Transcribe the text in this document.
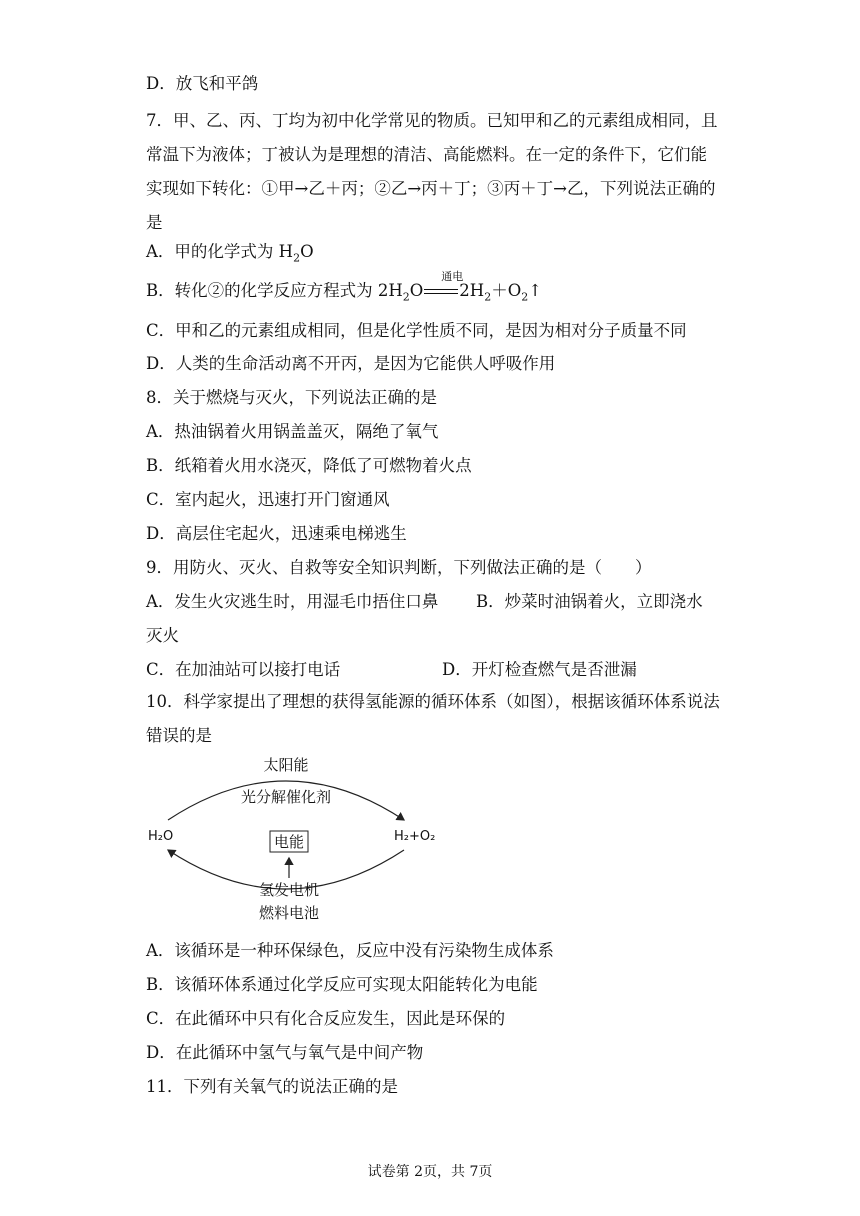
D．放飞和平鸽
7．甲、乙、丙、丁均为初中化学常见的物质。已知甲和乙的元素组成相同，且常温下为液体；丁被认为是理想的清洁、高能燃料。在一定的条件下，它们能实现如下转化：①甲→乙＋丙；②乙→丙＋丁；③丙＋丁→乙，下列说法正确的是
A．甲的化学式为 $H_2O$
B．转化②的化学反应方程式为 $2H_2O$
通电
$2H_2+O_2↑$
C．甲和乙的元素组成相同，但是化学性质不同，是因为相对分子质量不同
D．人类的生命活动离不开丙，是因为它能供人呼吸作用
8．关于燃烧与灭火，下列说法正确的是
A．热油锅着火用锅盖盖灭，隔绝了氧气
B．纸箱着火用水浇灭，降低了可燃物着火点
C．室内起火，迅速打开门窗通风
D．高层住宅起火，迅速乘电梯逃生
9．用防火、灭火、自救等安全知识判断，下列做法正确的是（　　）
A．发生火灾逃生时，用湿毛巾捂住口鼻 B．炒菜时油锅着火，立即浇水
灭火
C．在加油站可以接打电话	D．开灯检查燃气是否泄漏
10．科学家提出了理想的获得氢能源的循环体系（如图），根据该循环体系说法错误的是
太阳能
光分解催化剂
H₂O	H₂+O₂
电能
氢发电机
燃料电池
A．该循环是一种环保绿色，反应中没有污染物生成体系
B．该循环体系通过化学反应可实现太阳能转化为电能
C．在此循环中只有化合反应发生，因此是环保的
D．在此循环中氢气与氧气是中间产物
11．下列有关氧气的说法正确的是
试卷第 2页，共 7页
